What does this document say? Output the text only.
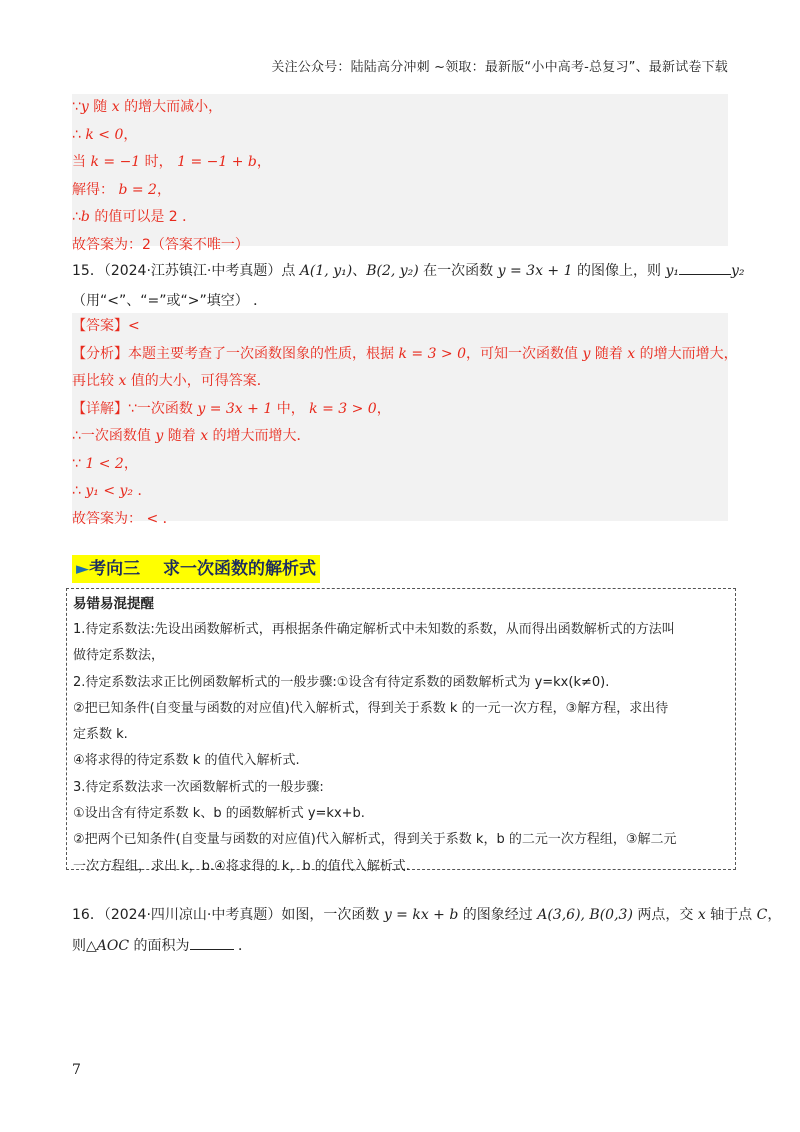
关注公众号：陆陆高分冲刺 ~领取：最新版“小中高考-总复习”、最新试卷下载
∵y 随 x 的增大而减小，
∴ k < 0，
当 k = −1 时， 1 = −1 + b，
解得： b = 2，
∴b 的值可以是 2 ．
故答案为：2（答案不唯一）
15．（2024·江苏镇江·中考真题）点 A(1, y₁)、B(2, y₂) 在一次函数 y = 3x + 1 的图像上，则 y₁	y₂
（用“<”、“=”或“>”填空） ．
【答案】<
【分析】本题主要考查了一次函数图象的性质，根据 k = 3 > 0，可知一次函数值 y 随着 x 的增大而增大，
再比较 x 值的大小，可得答案．
【详解】∵一次函数 y = 3x + 1 中， k = 3 > 0，
∴一次函数值 y 随着 x 的增大而增大．
∵ 1 < 2，
∴ y₁ < y₂ ．
故答案为： < ．
►考向三　 求一次函数的解析式
易错易混提醒
1.待定系数法:先设出函数解析式，再根据条件确定解析式中未知数的系数，从而得出函数解析式的方法叫
做待定系数法，
2.待定系数法求正比例函数解析式的一般步骤:①设含有待定系数的函数解析式为 y=kx(k≠0).
②把已知条件(自变量与函数的对应值)代入解析式，得到关于系数 k 的一元一次方程，③解方程，求出待
定系数 k.
④将求得的待定系数 k 的值代入解析式.
3.待定系数法求一次函数解析式的一般步骤:
①设出含有待定系数 k、b 的函数解析式 y=kx+b.
②把两个已知条件(自变量与函数的对应值)代入解析式，得到关于系数 k，b 的二元一次方程组，③解二元
一次方程组，求出 k，b.④将求得的 k，b 的值代入解析式.
16．（2024·四川凉山·中考真题）如图，一次函数 y = kx + b 的图象经过 A(3,6), B(0,3) 两点，交 x 轴于点 C，
则△AOC 的面积为	．
7
